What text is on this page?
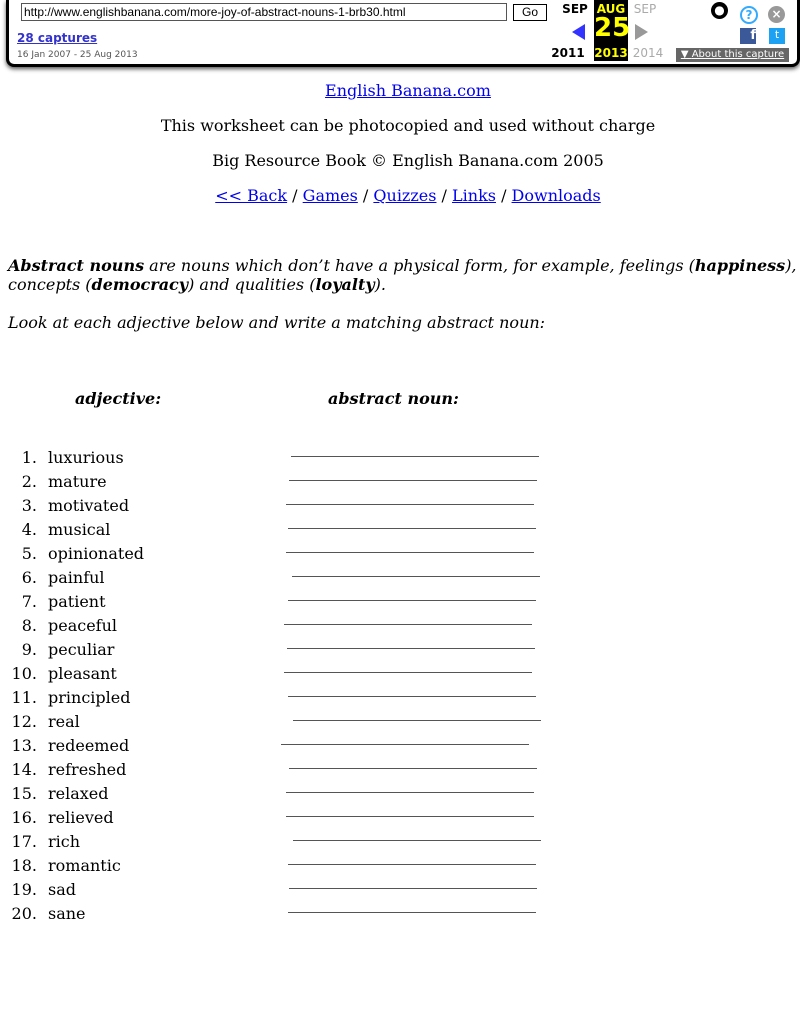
http://www.englishbanana.com/more-joy-of-abstract-nouns-1-brb30.html	Go
28 captures
16 Jan 2007 - 25 Aug 2013
SEP AUG SEP
25
2011 2013 2014
●	?	×
f	t
▼ About this capture
English Banana.com
This worksheet can be photocopied and used without charge
Big Resource Book © English Banana.com 2005
<< Back / Games / Quizzes / Links / Downloads
Abstract nouns are nouns which don’t have a physical form, for example, feelings (happiness), concepts (democracy) and qualities (loyalty).
Look at each adjective below and write a matching abstract noun:
adjective:	abstract noun:
1. luxurious
2. mature
3. motivated
4. musical
5. opinionated
6. painful
7. patient
8. peaceful
9. peculiar
10. pleasant
11. principled
12. real
13. redeemed
14. refreshed
15. relaxed
16. relieved
17. rich
18. romantic
19. sad
20. sane
